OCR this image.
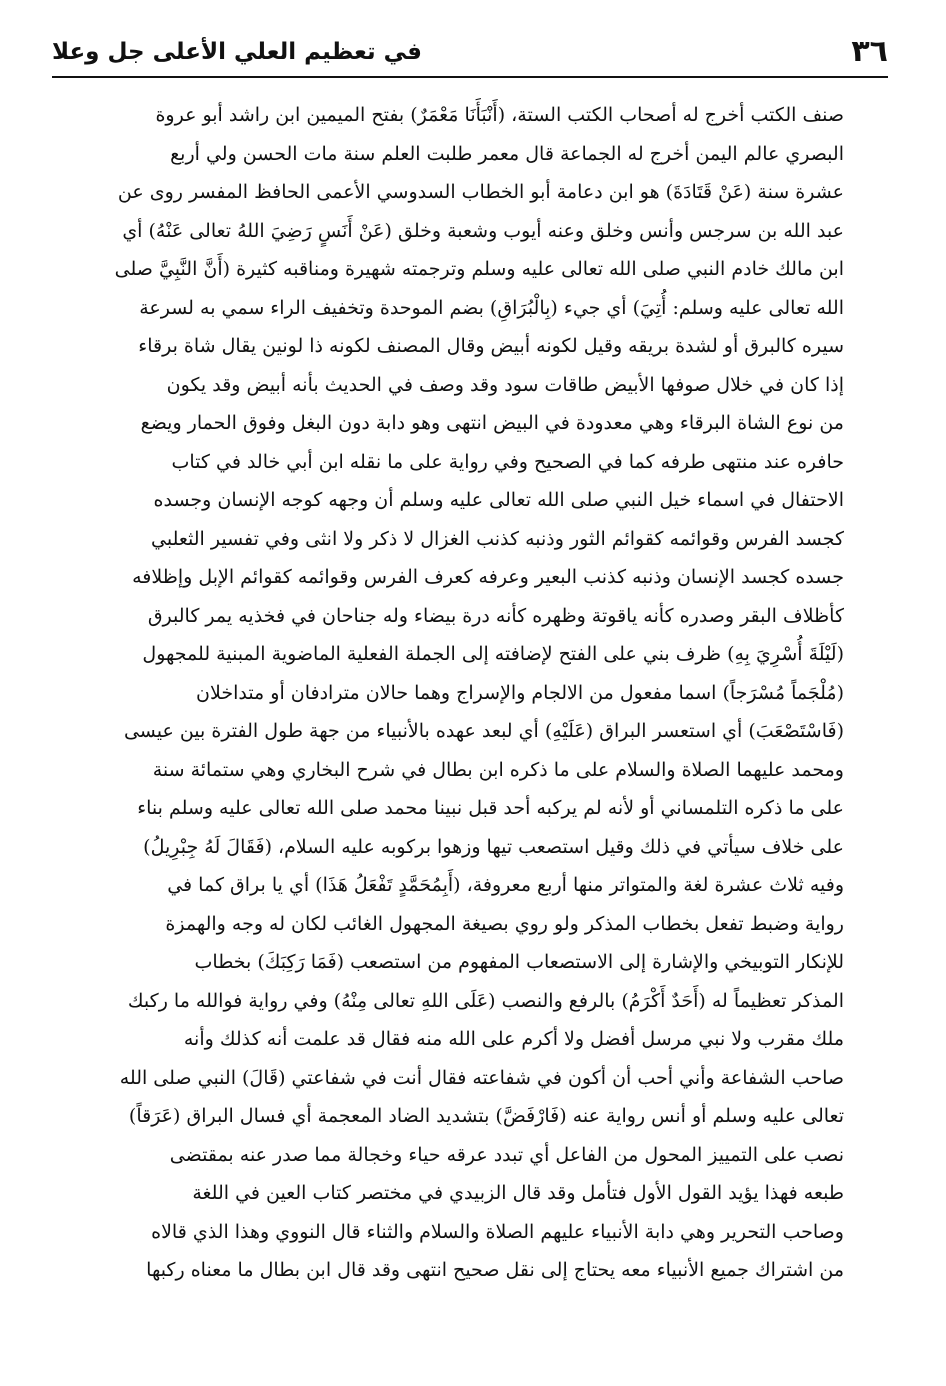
٣٦
في تعظيم العلي الأعلى جل وعلا
صنف الكتب أخرج له أصحاب الكتب الستة، (أَنْبَأَنَا مَعْمَرٌ) بفتح الميمين ابن راشد أبو عروة
البصري عالم اليمن أخرج له الجماعة قال معمر طلبت العلم سنة مات الحسن ولي أربع
عشرة سنة (عَنْ قَتَادَةَ) هو ابن دعامة أبو الخطاب السدوسي الأعمى الحافظ المفسر روى عن
عبد الله بن سرجس وأنس وخلق وعنه أيوب وشعبة وخلق (عَنْ أَنَسٍ رَضِيَ اللهُ تعالى عَنْهُ) أي
ابن مالك خادم النبي صلى الله تعالى عليه وسلم وترجمته شهيرة ومناقبه كثيرة (أَنَّ النَّبِيَّ صلى
الله تعالى عليه وسلم: أُتِيَ) أي جيء (بِالْبُرَاقِ) بضم الموحدة وتخفيف الراء سمي به لسرعة
سيره كالبرق أو لشدة بريقه وقيل لكونه أبيض وقال المصنف لكونه ذا لونين يقال شاة برقاء
إذا كان في خلال صوفها الأبيض طاقات سود وقد وصف في الحديث بأنه أبيض وقد يكون
من نوع الشاة البرقاء وهي معدودة في البيض انتهى وهو دابة دون البغل وفوق الحمار ويضع
حافره عند منتهى طرفه كما في الصحيح وفي رواية على ما نقله ابن أبي خالد في كتاب
الاحتفال في اسماء خيل النبي صلى الله تعالى عليه وسلم أن وجهه كوجه الإنسان وجسده
كجسد الفرس وقوائمه كقوائم الثور وذنبه كذنب الغزال لا ذكر ولا انثى وفي تفسير الثعلبي
جسده كجسد الإنسان وذنبه كذنب البعير وعرفه كعرف الفرس وقوائمه كقوائم الإبل وإظلافه
كأظلاف البقر وصدره كأنه ياقوتة وظهره كأنه درة بيضاء وله جناحان في فخذيه يمر كالبرق
(لَيْلَةَ أُسْرِيَ بِهِ) ظرف بني على الفتح لإضافته إلى الجملة الفعلية الماضوية المبنية للمجهول
(مُلْجَماً مُسْرَجاً) اسما مفعول من الالجام والإسراج وهما حالان مترادفان أو متداخلان
(فَاسْتَصْعَبَ) أي استعسر البراق (عَلَيْهِ) أي لبعد عهده بالأنبياء من جهة طول الفترة بين عيسى
ومحمد عليهما الصلاة والسلام على ما ذكره ابن بطال في شرح البخاري وهي ستمائة سنة
على ما ذكره التلمساني أو لأنه لم يركبه أحد قبل نبينا محمد صلى الله تعالى عليه وسلم بناء
على خلاف سيأتي في ذلك وقيل استصعب تيها وزهوا بركوبه عليه السلام، (فَقَالَ لَهُ جِبْرِيلُ)
وفيه ثلاث عشرة لغة والمتواتر منها أربع معروفة، (أَبِمُحَمَّدٍ تَفْعَلُ هَذَا) أي يا براق كما في
رواية وضبط تفعل بخطاب المذكر ولو روي بصيغة المجهول الغائب لكان له وجه والهمزة
للإنكار التوبيخي والإشارة إلى الاستصعاب المفهوم من استصعب (فَمَا رَكِبَكَ) بخطاب
المذكر تعظيماً له (أَحَدٌ أَكْرَمُ) بالرفع والنصب (عَلَى اللهِ تعالى مِنْهُ) وفي رواية فوالله ما ركبك
ملك مقرب ولا نبي مرسل أفضل ولا أكرم على الله منه فقال قد علمت أنه كذلك وأنه
صاحب الشفاعة وأني أحب أن أكون في شفاعته فقال أنت في شفاعتي (قَالَ) النبي صلى الله
تعالى عليه وسلم أو أنس رواية عنه (فَارْفَضَّ) بتشديد الضاد المعجمة أي فسال البراق (عَرَقاً)
نصب على التمييز المحول من الفاعل أي تبدد عرقه حياء وخجالة مما صدر عنه بمقتضى
طبعه فهذا يؤيد القول الأول فتأمل وقد قال الزبيدي في مختصر كتاب العين في اللغة
وصاحب التحرير وهي دابة الأنبياء عليهم الصلاة والسلام والثناء قال النووي وهذا الذي قالاه
من اشتراك جميع الأنبياء معه يحتاج إلى نقل صحيح انتهى وقد قال ابن بطال ما معناه ركبها
